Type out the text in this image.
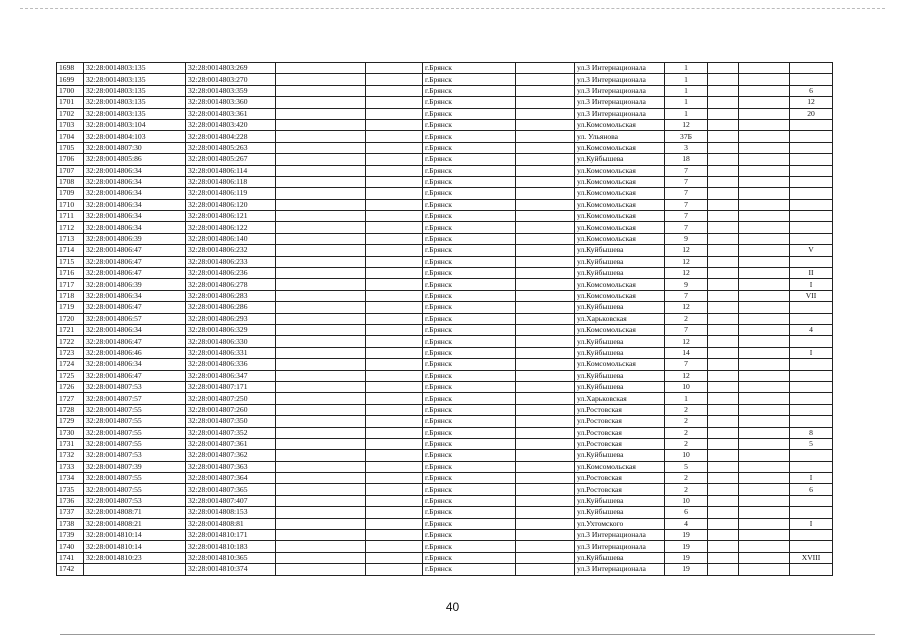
1698	32:28:0014803:135	32:28:0014803:269			г.Брянск		ул.3 Интернационала	1			
1699	32:28:0014803:135	32:28:0014803:270			г.Брянск		ул.3 Интернационала	1			
1700	32:28:0014803:135	32:28:0014803:359			г.Брянск		ул.3 Интернационала	1			6
1701	32:28:0014803:135	32:28:0014803:360			г.Брянск		ул.3 Интернационала	1			12
1702	32:28:0014803:135	32:28:0014803:361			г.Брянск		ул.3 Интернационала	1			20
1703	32:28:0014803:104	32:28:0014803:420			г.Брянск		ул.Комсомольская	12			
1704	32:28:0014804:103	32:28:0014804:228			г.Брянск		ул. Ульянова	37Б			
1705	32:28:0014807:30	32:28:0014805:263			г.Брянск		ул.Комсомольская	3			
1706	32:28:0014805:86	32:28:0014805:267			г.Брянск		ул.Куйбышева	18			
1707	32:28:0014806:34	32:28:0014806:114			г.Брянск		ул.Комсомольская	7			
1708	32:28:0014806:34	32:28:0014806:118			г.Брянск		ул.Комсомольская	7			
1709	32:28:0014806:34	32:28:0014806:119			г.Брянск		ул.Комсомольская	7			
1710	32:28:0014806:34	32:28:0014806:120			г.Брянск		ул.Комсомольская	7			
1711	32:28:0014806:34	32:28:0014806:121			г.Брянск		ул.Комсомольская	7			
1712	32:28:0014806:34	32:28:0014806:122			г.Брянск		ул.Комсомольская	7			
1713	32:28:0014806:39	32:28:0014806:140			г.Брянск		ул.Комсомольская	9			
1714	32:28:0014806:47	32:28:0014806:232			г.Брянск		ул.Куйбышева	12			V
1715	32:28:0014806:47	32:28:0014806:233			г.Брянск		ул.Куйбышева	12			
1716	32:28:0014806:47	32:28:0014806:236			г.Брянск		ул.Куйбышева	12			II
1717	32:28:0014806:39	32:28:0014806:278			г.Брянск		ул.Комсомольская	9			I
1718	32:28:0014806:34	32:28:0014806:283			г.Брянск		ул.Комсомольская	7			VII
1719	32:28:0014806:47	32:28:0014806:286			г.Брянск		ул.Куйбышева	12			
1720	32:28:0014806:57	32:28:0014806:293			г.Брянск		ул.Харьковская	2			
1721	32:28:0014806:34	32:28:0014806:329			г.Брянск		ул.Комсомольская	7			4
1722	32:28:0014806:47	32:28:0014806:330			г.Брянск		ул.Куйбышева	12			
1723	32:28:0014806:46	32:28:0014806:331			г.Брянск		ул.Куйбышева	14			I
1724	32:28:0014806:34	32:28:0014806:336			г.Брянск		ул.Комсомольская	7			
1725	32:28:0014806:47	32:28:0014806:347			г.Брянск		ул.Куйбышева	12			
1726	32:28:0014807:53	32:28:0014807:171			г.Брянск		ул.Куйбышева	10			
1727	32:28:0014807:57	32:28:0014807:250			г.Брянск		ул.Харьковская	1			
1728	32:28:0014807:55	32:28:0014807:260			г.Брянск		ул.Ростовская	2			
1729	32:28:0014807:55	32:28:0014807:350			г.Брянск		ул.Ростовская	2			
1730	32:28:0014807:55	32:28:0014807:352			г.Брянск		ул.Ростовская	2			8
1731	32:28:0014807:55	32:28:0014807:361			г.Брянск		ул.Ростовская	2			5
1732	32:28:0014807:53	32:28:0014807:362			г.Брянск		ул.Куйбышева	10			
1733	32:28:0014807:39	32:28:0014807:363			г.Брянск		ул.Комсомольская	5			
1734	32:28:0014807:55	32:28:0014807:364			г.Брянск		ул.Ростовская	2			I
1735	32:28:0014807:55	32:28:0014807:365			г.Брянск		ул.Ростовская	2			6
1736	32:28:0014807:53	32:28:0014807:407			г.Брянск		ул.Куйбышева	10			
1737	32:28:0014808:71	32:28:0014808:153			г.Брянск		ул.Куйбышева	6			
1738	32:28:0014808:21	32:28:0014808:81			г.Брянск		ул.Ухтомского	4			I
1739	32:28:0014810:14	32:28:0014810:171			г.Брянск		ул.3 Интернационала	19			
1740	32:28:0014810:14	32:28:0014810:183			г.Брянск		ул.3 Интернационала	19			
1741	32:28:0014810:23	32:28:0014810:365			г.Брянск		ул.Куйбышева	19			XVIII
1742		32:28:0014810:374			г.Брянск		ул.3 Интернационала	19			
40
